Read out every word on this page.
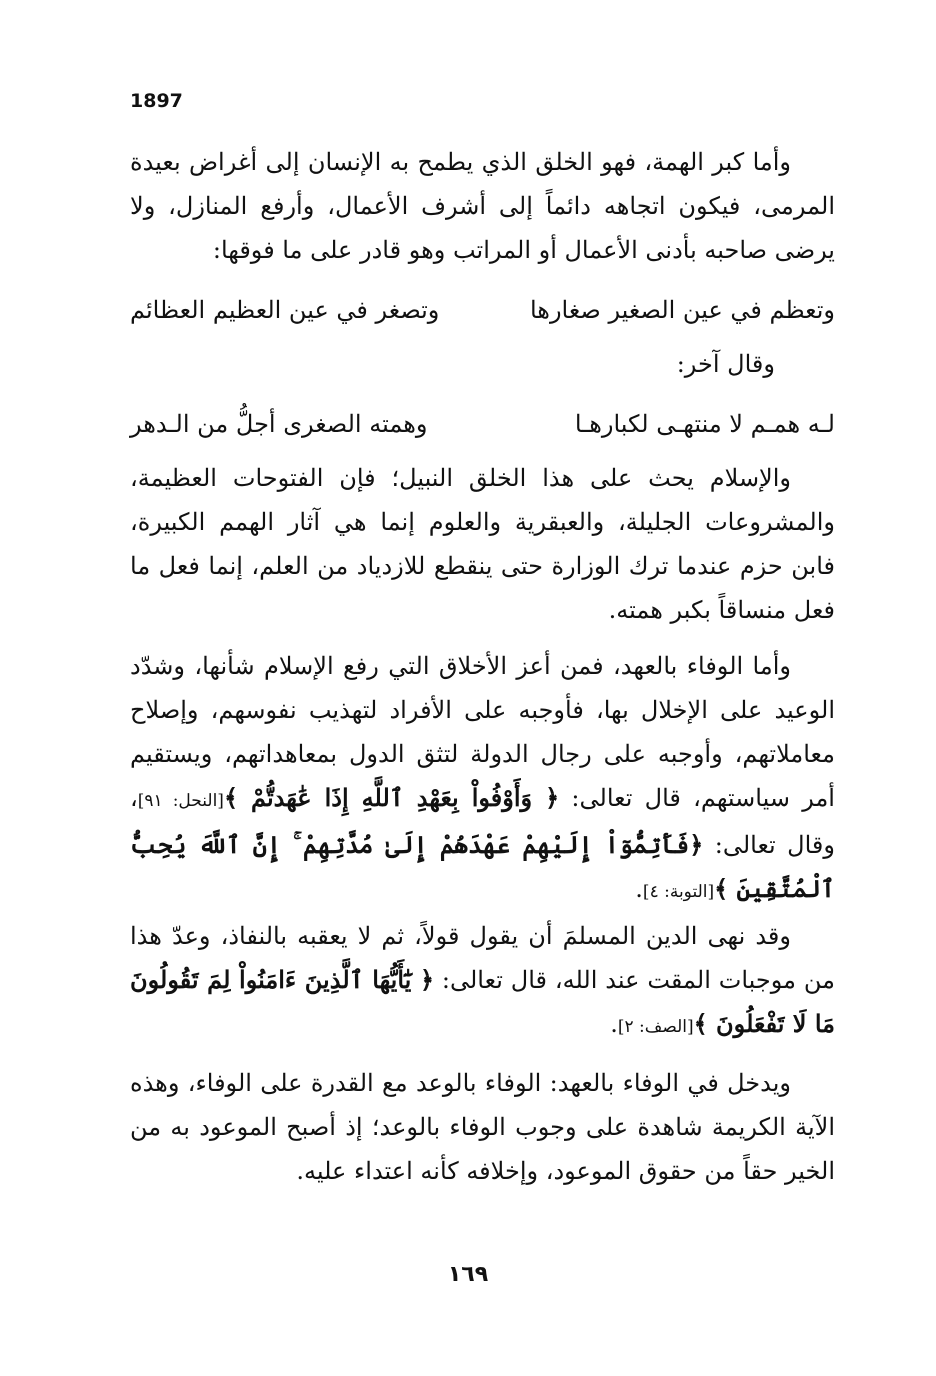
1897

وأما كبر الهمة، فهو الخلق الذي يطمح به الإنسان إلى أغراض بعيدة المرمى، فيكون اتجاهه دائماً إلى أشرف الأعمال، وأرفع المنازل، ولا يرضى صاحبه بأدنى الأعمال أو المراتب وهو قادر على ما فوقها:

وتعظم في عين الصغير صغارها
وتصغر في عين العظيم العظائم

وقال آخر:

لـه همـم لا منتهـى لكبارهـا
وهمته الصغرى أجلُّ من الـدهر

والإسلام يحث على هذا الخلق النبيل؛ فإن الفتوحات العظيمة، والمشروعات الجليلة، والعبقرية والعلوم إنما هي آثار الهمم الكبيرة، فابن حزم عندما ترك الوزارة حتى ينقطع للازدياد من العلم، إنما فعل ما فعل منساقاً بكبر همته.

وأما الوفاء بالعهد، فمن أعز الأخلاق التي رفع الإسلام شأنها، وشدّد الوعيد على الإخلال بها، فأوجبه على الأفراد لتهذيب نفوسهم، وإصلاح معاملاتهم، وأوجبه على رجال الدولة لتثق الدول بمعاهداتهم، ويستقيم أمر سياستهم، قال تعالى: ﴿ وَأَوْفُواْ بِعَهْدِ ٱللَّهِ إِذَا عَٰهَدتُّمْ ﴾[النحل: ٩١]، وقال تعالى: ﴿فَأَتِمُّوٓاْ إِلَيْهِمْ عَهْدَهُمْ إِلَىٰ مُدَّتِهِمْ ۚ إِنَّ ٱللَّهَ يُحِبُّ ٱلْمُتَّقِينَ ﴾[التوبة: ٤].

وقد نهى الدين المسلمَ أن يقول قولاً، ثم لا يعقبه بالنفاذ، وعدّ هذا من موجبات المقت عند الله، قال تعالى: ﴿ يَٰٓأَيُّهَا ٱلَّذِينَ ءَامَنُواْ لِمَ تَقُولُونَ مَا لَا تَفْعَلُونَ ﴾[الصف: ٢].

ويدخل في الوفاء بالعهد: الوفاء بالوعد مع القدرة على الوفاء، وهذه الآية الكريمة شاهدة على وجوب الوفاء بالوعد؛ إذ أصبح الموعود به من الخير حقاً من حقوق الموعود، وإخلافه كأنه اعتداء عليه.

١٦٩
